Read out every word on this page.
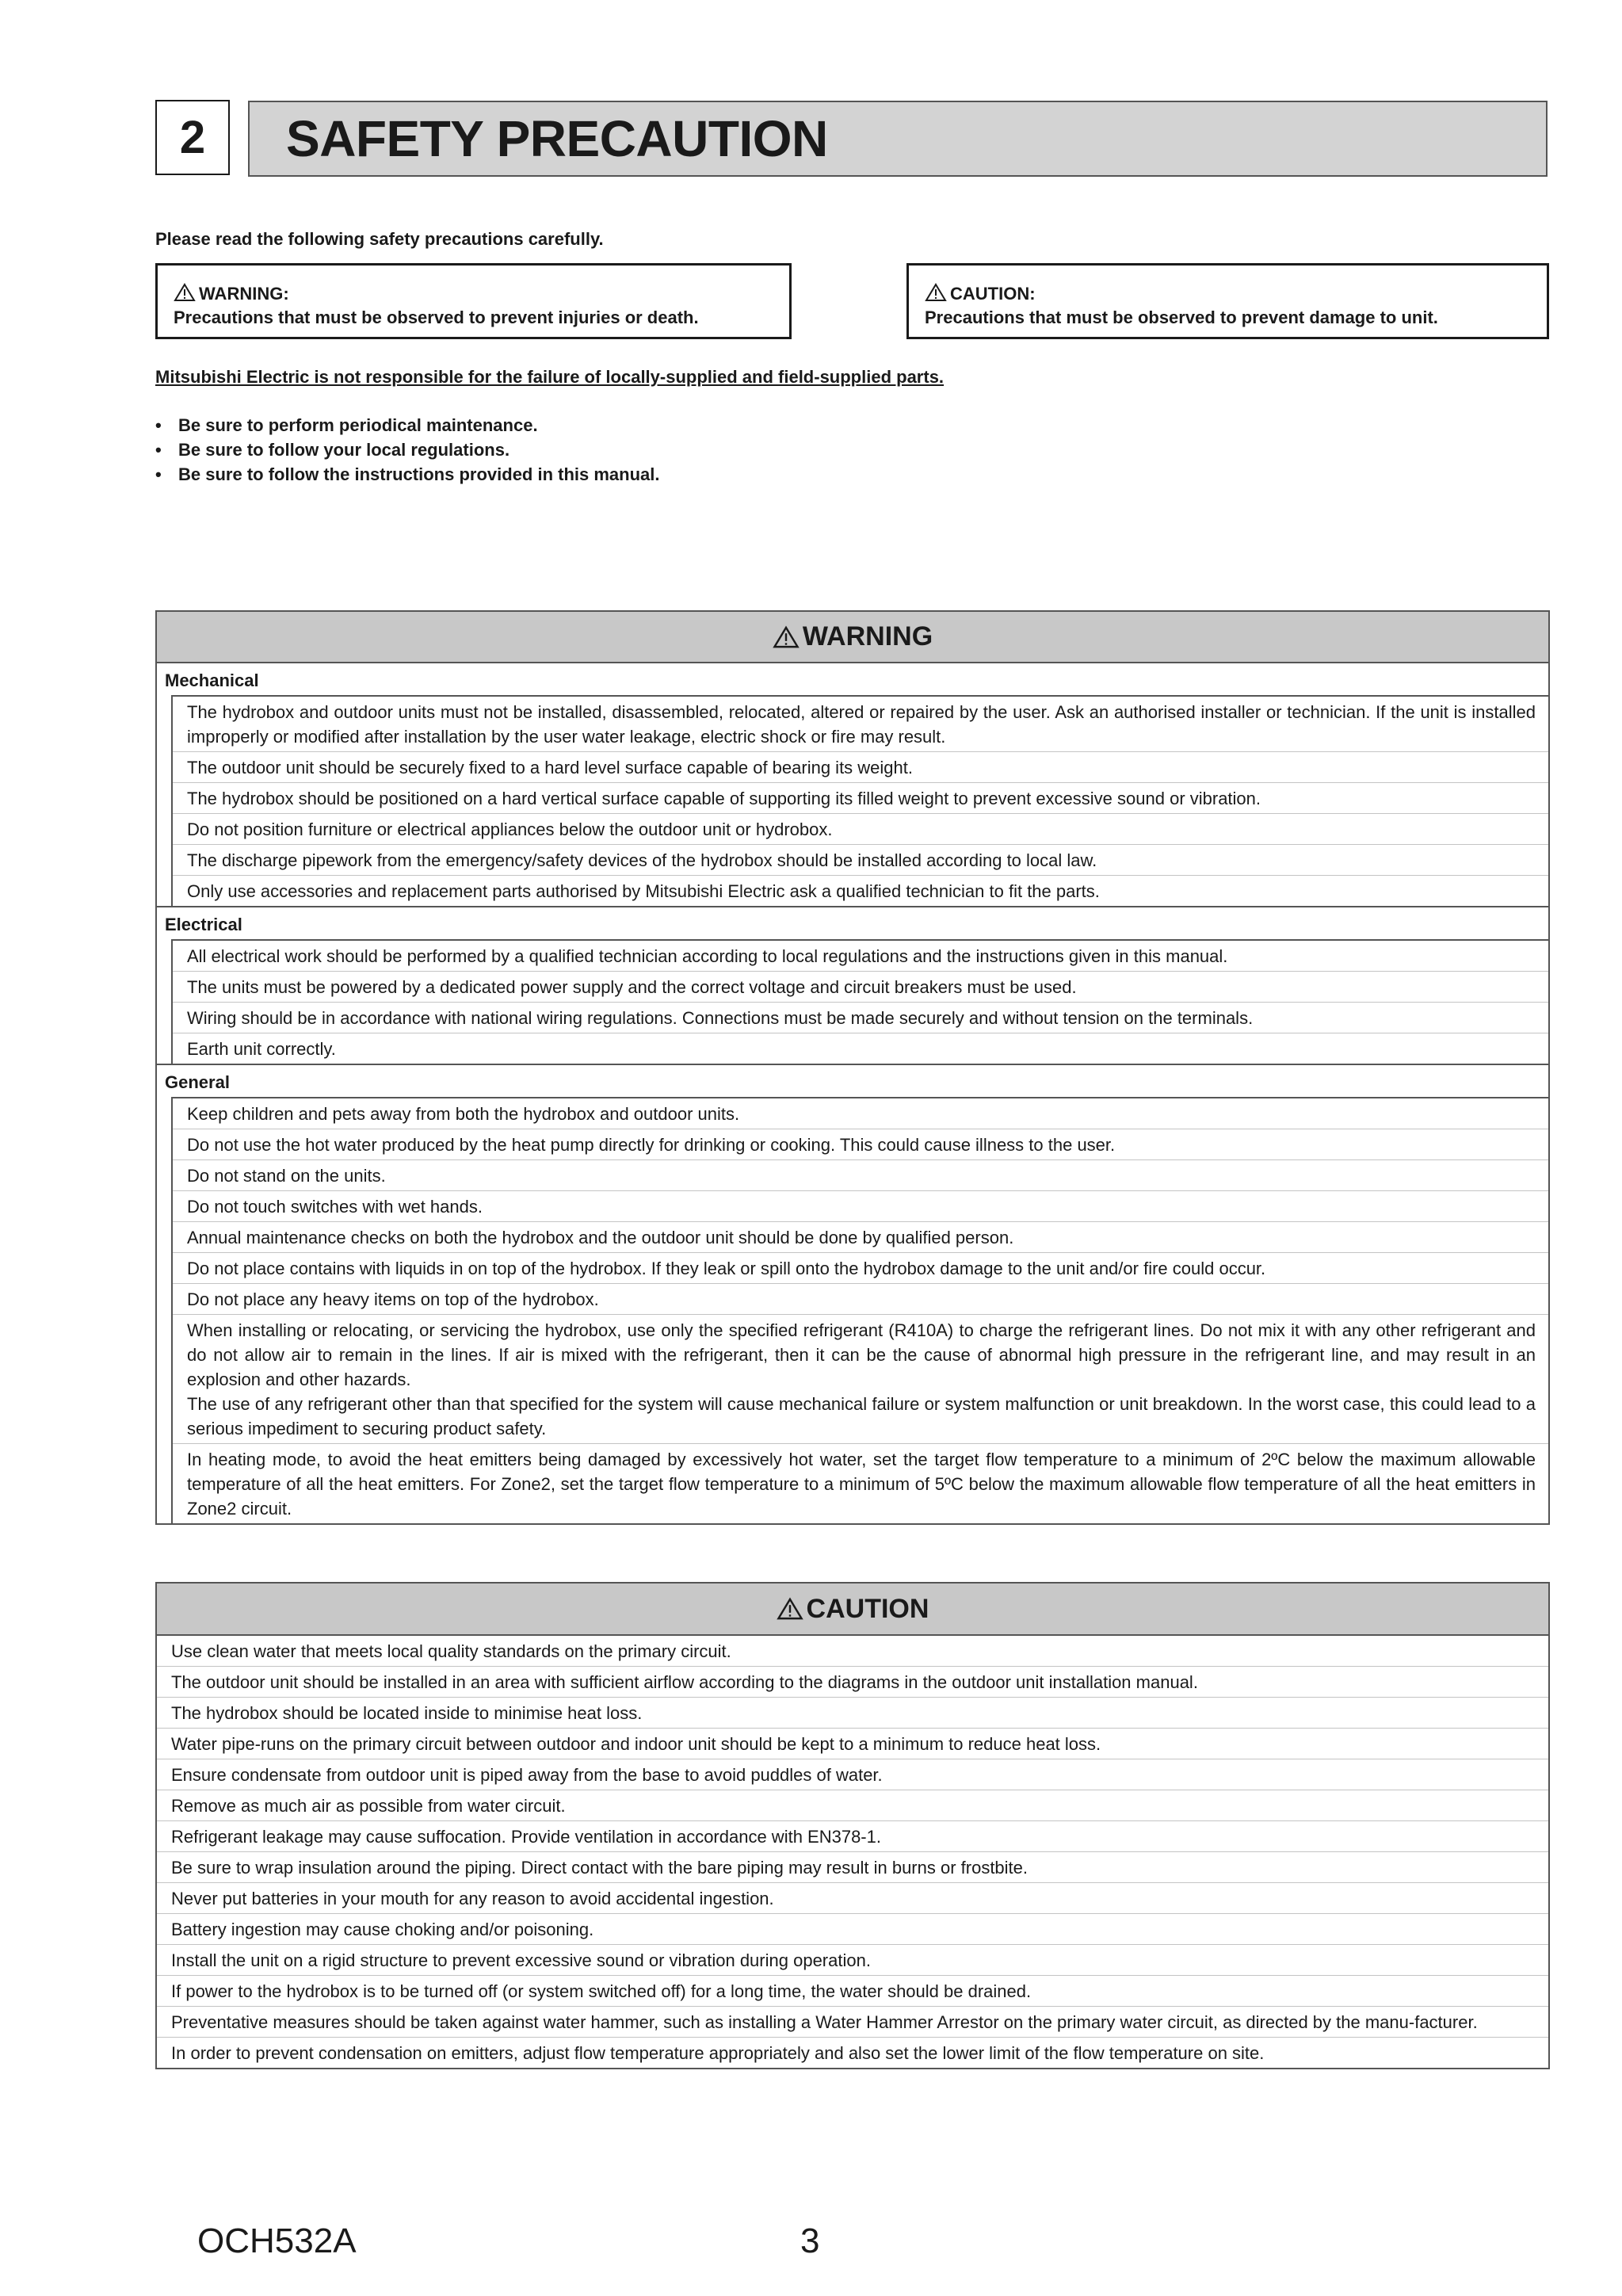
2	SAFETY PRECAUTION
Please read the following safety precautions carefully.
WARNING:
Precautions that must be observed to prevent injuries or death.
CAUTION:
Precautions that must be observed to prevent damage to unit.
Mitsubishi Electric is not responsible for the failure of locally-supplied and field-supplied parts.
• Be sure to perform periodical maintenance.
• Be sure to follow your local regulations.
• Be sure to follow the instructions provided in this manual.
WARNING
Mechanical
The hydrobox and outdoor units must not be installed, disassembled, relocated, altered or repaired by the user. Ask an authorised installer or technician. If the unit is installed improperly or modified after installation by the user water leakage, electric shock or fire may result.
The outdoor unit should be securely fixed to a hard level surface capable of bearing its weight.
The hydrobox should be positioned on a hard vertical surface capable of supporting its filled weight to prevent excessive sound or vibration.
Do not position furniture or electrical appliances below the outdoor unit or hydrobox.
The discharge pipework from the emergency/safety devices of the hydrobox should be installed according to local law.
Only use accessories and replacement parts authorised by Mitsubishi Electric ask a qualified technician to fit the parts.
Electrical
All electrical work should be performed by a qualified technician according to local regulations and the instructions given in this manual.
The units must be powered by a dedicated power supply and the correct voltage and circuit breakers must be used.
Wiring should be in accordance with national wiring regulations. Connections must be made securely and without tension on the terminals.
Earth unit correctly.
General
Keep children and pets away from both the hydrobox and outdoor units.
Do not use the hot water produced by the heat pump directly for drinking or cooking. This could cause illness to the user.
Do not stand on the units.
Do not touch switches with wet hands.
Annual maintenance checks on both the hydrobox and the outdoor unit should be done by qualified person.
Do not place contains with liquids in on top of the hydrobox. If they leak or spill onto the hydrobox damage to the unit and/or fire could occur.
Do not place any heavy items on top of the hydrobox.
When installing or relocating, or servicing the hydrobox, use only the specified refrigerant (R410A) to charge the refrigerant lines. Do not mix it with any other refrigerant and do not allow air to remain in the lines. If air is mixed with the refrigerant, then it can be the cause of abnormal high pressure in the refrigerant line, and may result in an explosion and other hazards.
The use of any refrigerant other than that specified for the system will cause mechanical failure or system malfunction or unit breakdown. In the worst case, this could lead to a serious impediment to securing product safety.
In heating mode, to avoid the heat emitters being damaged by excessively hot water, set the target flow temperature to a minimum of 2ºC below the maximum allowable temperature of all the heat emitters. For Zone2, set the target flow temperature to a minimum of 5ºC below the maximum allowable flow temperature of all the heat emitters in Zone2 circuit.
CAUTION
Use clean water that meets local quality standards on the primary circuit.
The outdoor unit should be installed in an area with sufficient airflow according to the diagrams in the outdoor unit installation manual.
The hydrobox should be located inside to minimise heat loss.
Water pipe-runs on the primary circuit between outdoor and indoor unit should be kept to a minimum to reduce heat loss.
Ensure condensate from outdoor unit is piped away from the base to avoid puddles of water.
Remove as much air as possible from water circuit.
Refrigerant leakage may cause suffocation. Provide ventilation in accordance with EN378-1.
Be sure to wrap insulation around the piping. Direct contact with the bare piping may result in burns or frostbite.
Never put batteries in your mouth for any reason to avoid accidental ingestion.
Battery ingestion may cause choking and/or poisoning.
Install the unit on a rigid structure to prevent excessive sound or vibration during operation.
If power to the hydrobox is to be turned off (or system switched off) for a long time, the water should be drained.
Preventative measures should be taken against water hammer, such as installing a Water Hammer Arrestor on the primary water circuit, as directed by the manu-facturer.
In order to prevent condensation on emitters, adjust flow temperature appropriately and also set the lower limit of the flow temperature on site.
OCH532A	3
